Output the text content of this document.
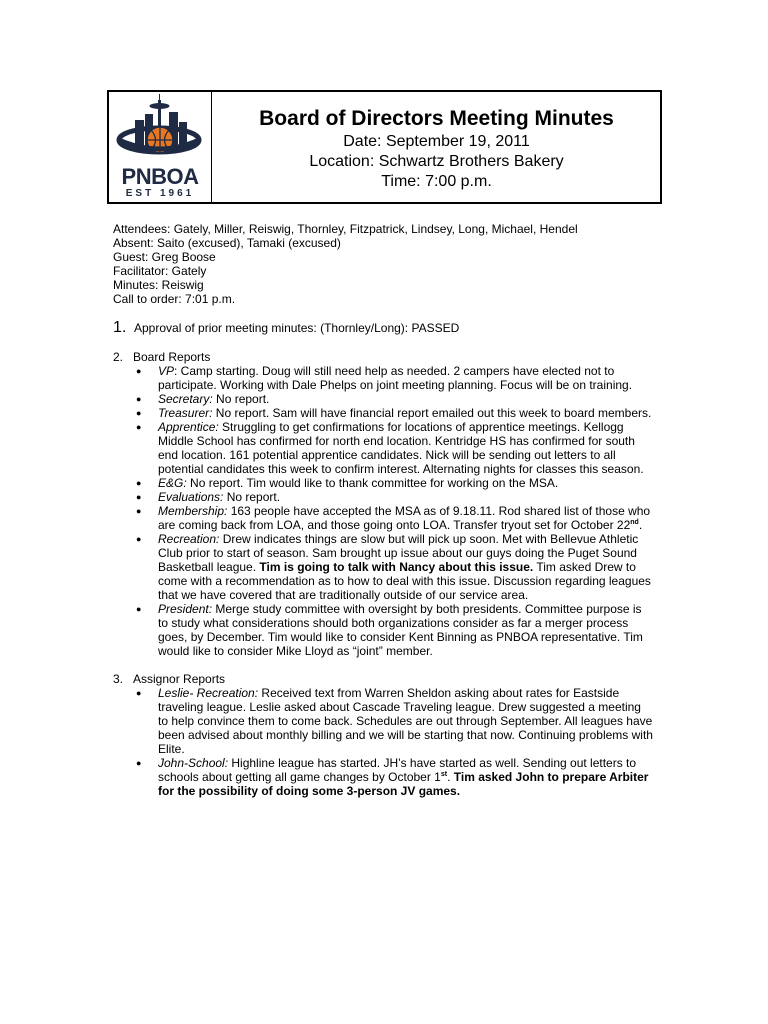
PNBOA
EST 1961
Board of Directors Meeting Minutes
Date: September 19, 2011
Location: Schwartz Brothers Bakery
Time: 7:00 p.m.
Attendees: Gately, Miller, Reiswig, Thornley, Fitzpatrick, Lindsey, Long, Michael, Hendel
Absent: Saito (excused), Tamaki (excused)
Guest: Greg Boose
Facilitator: Gately
Minutes: Reiswig
Call to order: 7:01 p.m.
1. Approval of prior meeting minutes: (Thornley/Long): PASSED
2. Board Reports
● VP: Camp starting. Doug will still need help as needed. 2 campers have elected not to participate. Working with Dale Phelps on joint meeting planning. Focus will be on training.
● Secretary: No report.
● Treasurer: No report. Sam will have financial report emailed out this week to board members.
● Apprentice: Struggling to get confirmations for locations of apprentice meetings. Kellogg Middle School has confirmed for north end location. Kentridge HS has confirmed for south end location. 161 potential apprentice candidates. Nick will be sending out letters to all potential candidates this week to confirm interest. Alternating nights for classes this season.
● E&G: No report. Tim would like to thank committee for working on the MSA.
● Evaluations: No report.
● Membership: 163 people have accepted the MSA as of 9.18.11. Rod shared list of those who are coming back from LOA, and those going onto LOA. Transfer tryout set for October 22nd.
● Recreation: Drew indicates things are slow but will pick up soon. Met with Bellevue Athletic Club prior to start of season. Sam brought up issue about our guys doing the Puget Sound Basketball league. Tim is going to talk with Nancy about this issue. Tim asked Drew to come with a recommendation as to how to deal with this issue. Discussion regarding leagues that we have covered that are traditionally outside of our service area.
● President: Merge study committee with oversight by both presidents. Committee purpose is to study what considerations should both organizations consider as far a merger process goes, by December. Tim would like to consider Kent Binning as PNBOA representative. Tim would like to consider Mike Lloyd as “joint” member.
3. Assignor Reports
● Leslie- Recreation: Received text from Warren Sheldon asking about rates for Eastside traveling league. Leslie asked about Cascade Traveling league. Drew suggested a meeting to help convince them to come back. Schedules are out through September. All leagues have been advised about monthly billing and we will be starting that now. Continuing problems with Elite.
● John-School: Highline league has started. JH’s have started as well. Sending out letters to schools about getting all game changes by October 1st. Tim asked John to prepare Arbiter for the possibility of doing some 3-person JV games.
